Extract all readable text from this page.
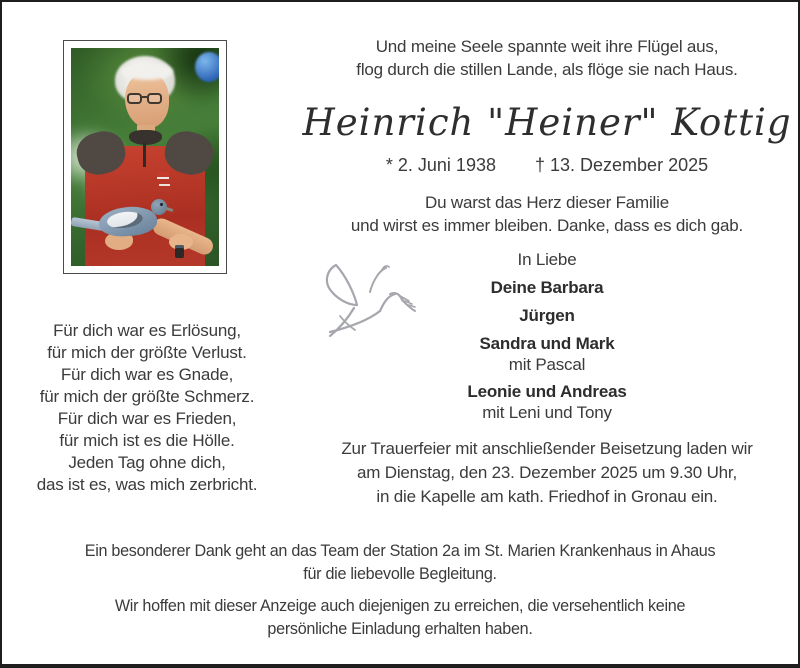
Und meine Seele spannte weit ihre Flügel aus,
flog durch die stillen Lande, als flöge sie nach Haus.
Heinrich "Heiner" Kottig
* 2. Juni 1938 † 13. Dezember 2025
Du warst das Herz dieser Familie
und wirst es immer bleiben. Danke, dass es dich gab.
In Liebe
Deine Barbara
Jürgen
Sandra und Mark
mit Pascal
Leonie und Andreas
mit Leni und Tony
Zur Trauerfeier mit anschließender Beisetzung laden wir
am Dienstag, den 23. Dezember 2025 um 9.30 Uhr,
in die Kapelle am kath. Friedhof in Gronau ein.
Für dich war es Erlösung,
für mich der größte Verlust.
Für dich war es Gnade,
für mich der größte Schmerz.
Für dich war es Frieden,
für mich ist es die Hölle.
Jeden Tag ohne dich,
das ist es, was mich zerbricht.
Ein besonderer Dank geht an das Team der Station 2a im St. Marien Krankenhaus in Ahaus
für die liebevolle Begleitung.
Wir hoffen mit dieser Anzeige auch diejenigen zu erreichen, die versehentlich keine
persönliche Einladung erhalten haben.
